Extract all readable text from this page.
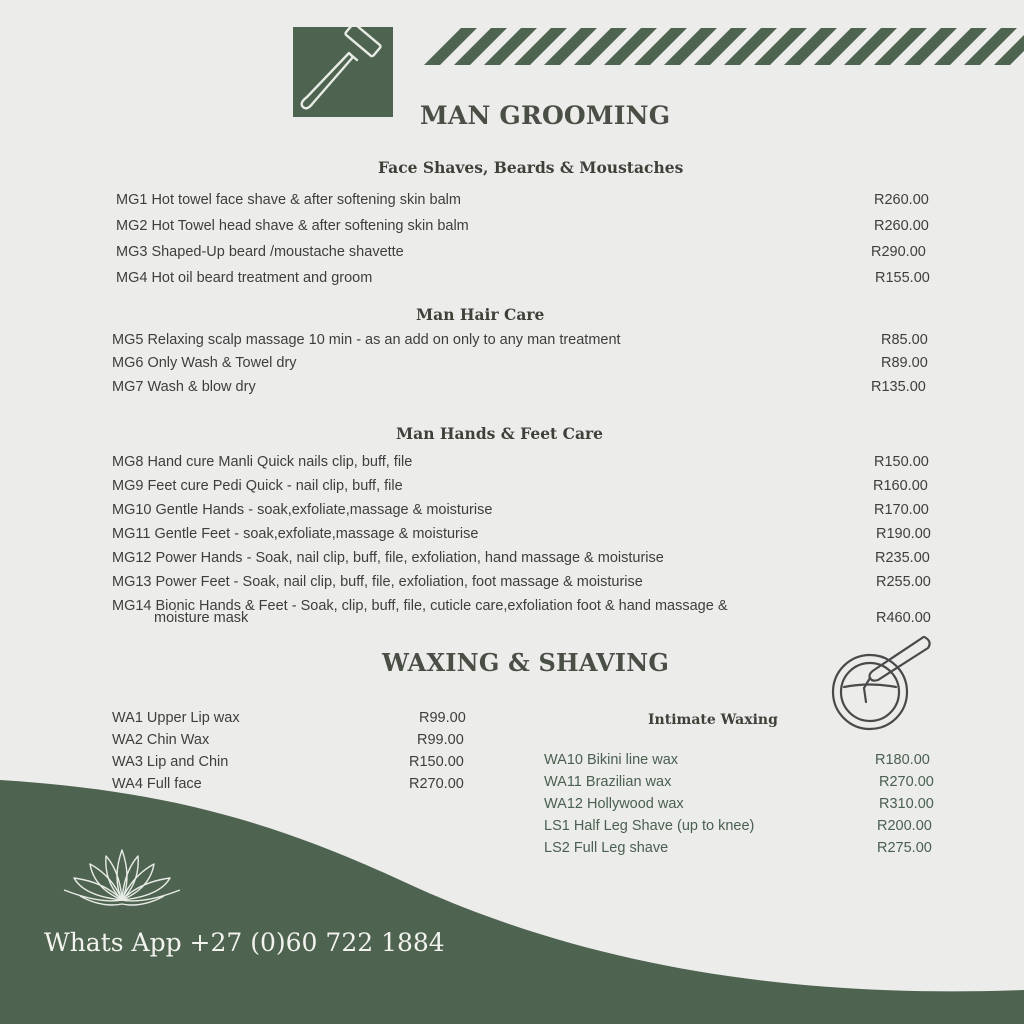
MAN GROOMING
Face Shaves, Beards & Moustaches
MG1 Hot towel face shave & after softening skin balm	R260.00
MG2 Hot Towel head shave & after softening skin balm	R260.00
MG3 Shaped-Up beard /moustache shavette	R290.00
MG4 Hot oil beard treatment and groom	R155.00
Man Hair Care
MG5 Relaxing scalp massage 10 min - as an add on only to any man treatment	R85.00
MG6 Only Wash & Towel dry	R89.00
MG7 Wash & blow dry	R135.00
Man Hands & Feet Care
MG8 Hand cure Manli Quick nails clip, buff, file	R150.00
MG9 Feet cure Pedi Quick - nail clip, buff, file	R160.00
MG10 Gentle Hands - soak,exfoliate,massage & moisturise	R170.00
MG11 Gentle Feet - soak,exfoliate,massage & moisturise	R190.00
MG12 Power Hands - Soak, nail clip, buff, file, exfoliation, hand massage & moisturise	R235.00
MG13 Power Feet - Soak, nail clip, buff, file, exfoliation, foot massage & moisturise	R255.00
MG14 Bionic Hands & Feet - Soak, clip, buff, file, cuticle care,exfoliation foot & hand massage &
moisture mask	R460.00
WAXING & SHAVING
WA1 Upper Lip wax	R99.00
WA2 Chin Wax	R99.00
WA3 Lip and Chin	R150.00
WA4 Full face	R270.00
Intimate Waxing
WA10 Bikini line wax	R180.00
WA11 Brazilian wax	R270.00
WA12 Hollywood wax	R310.00
LS1 Half Leg Shave (up to knee)	R200.00
LS2 Full Leg shave	R275.00
Whats App +27 (0)60 722 1884
